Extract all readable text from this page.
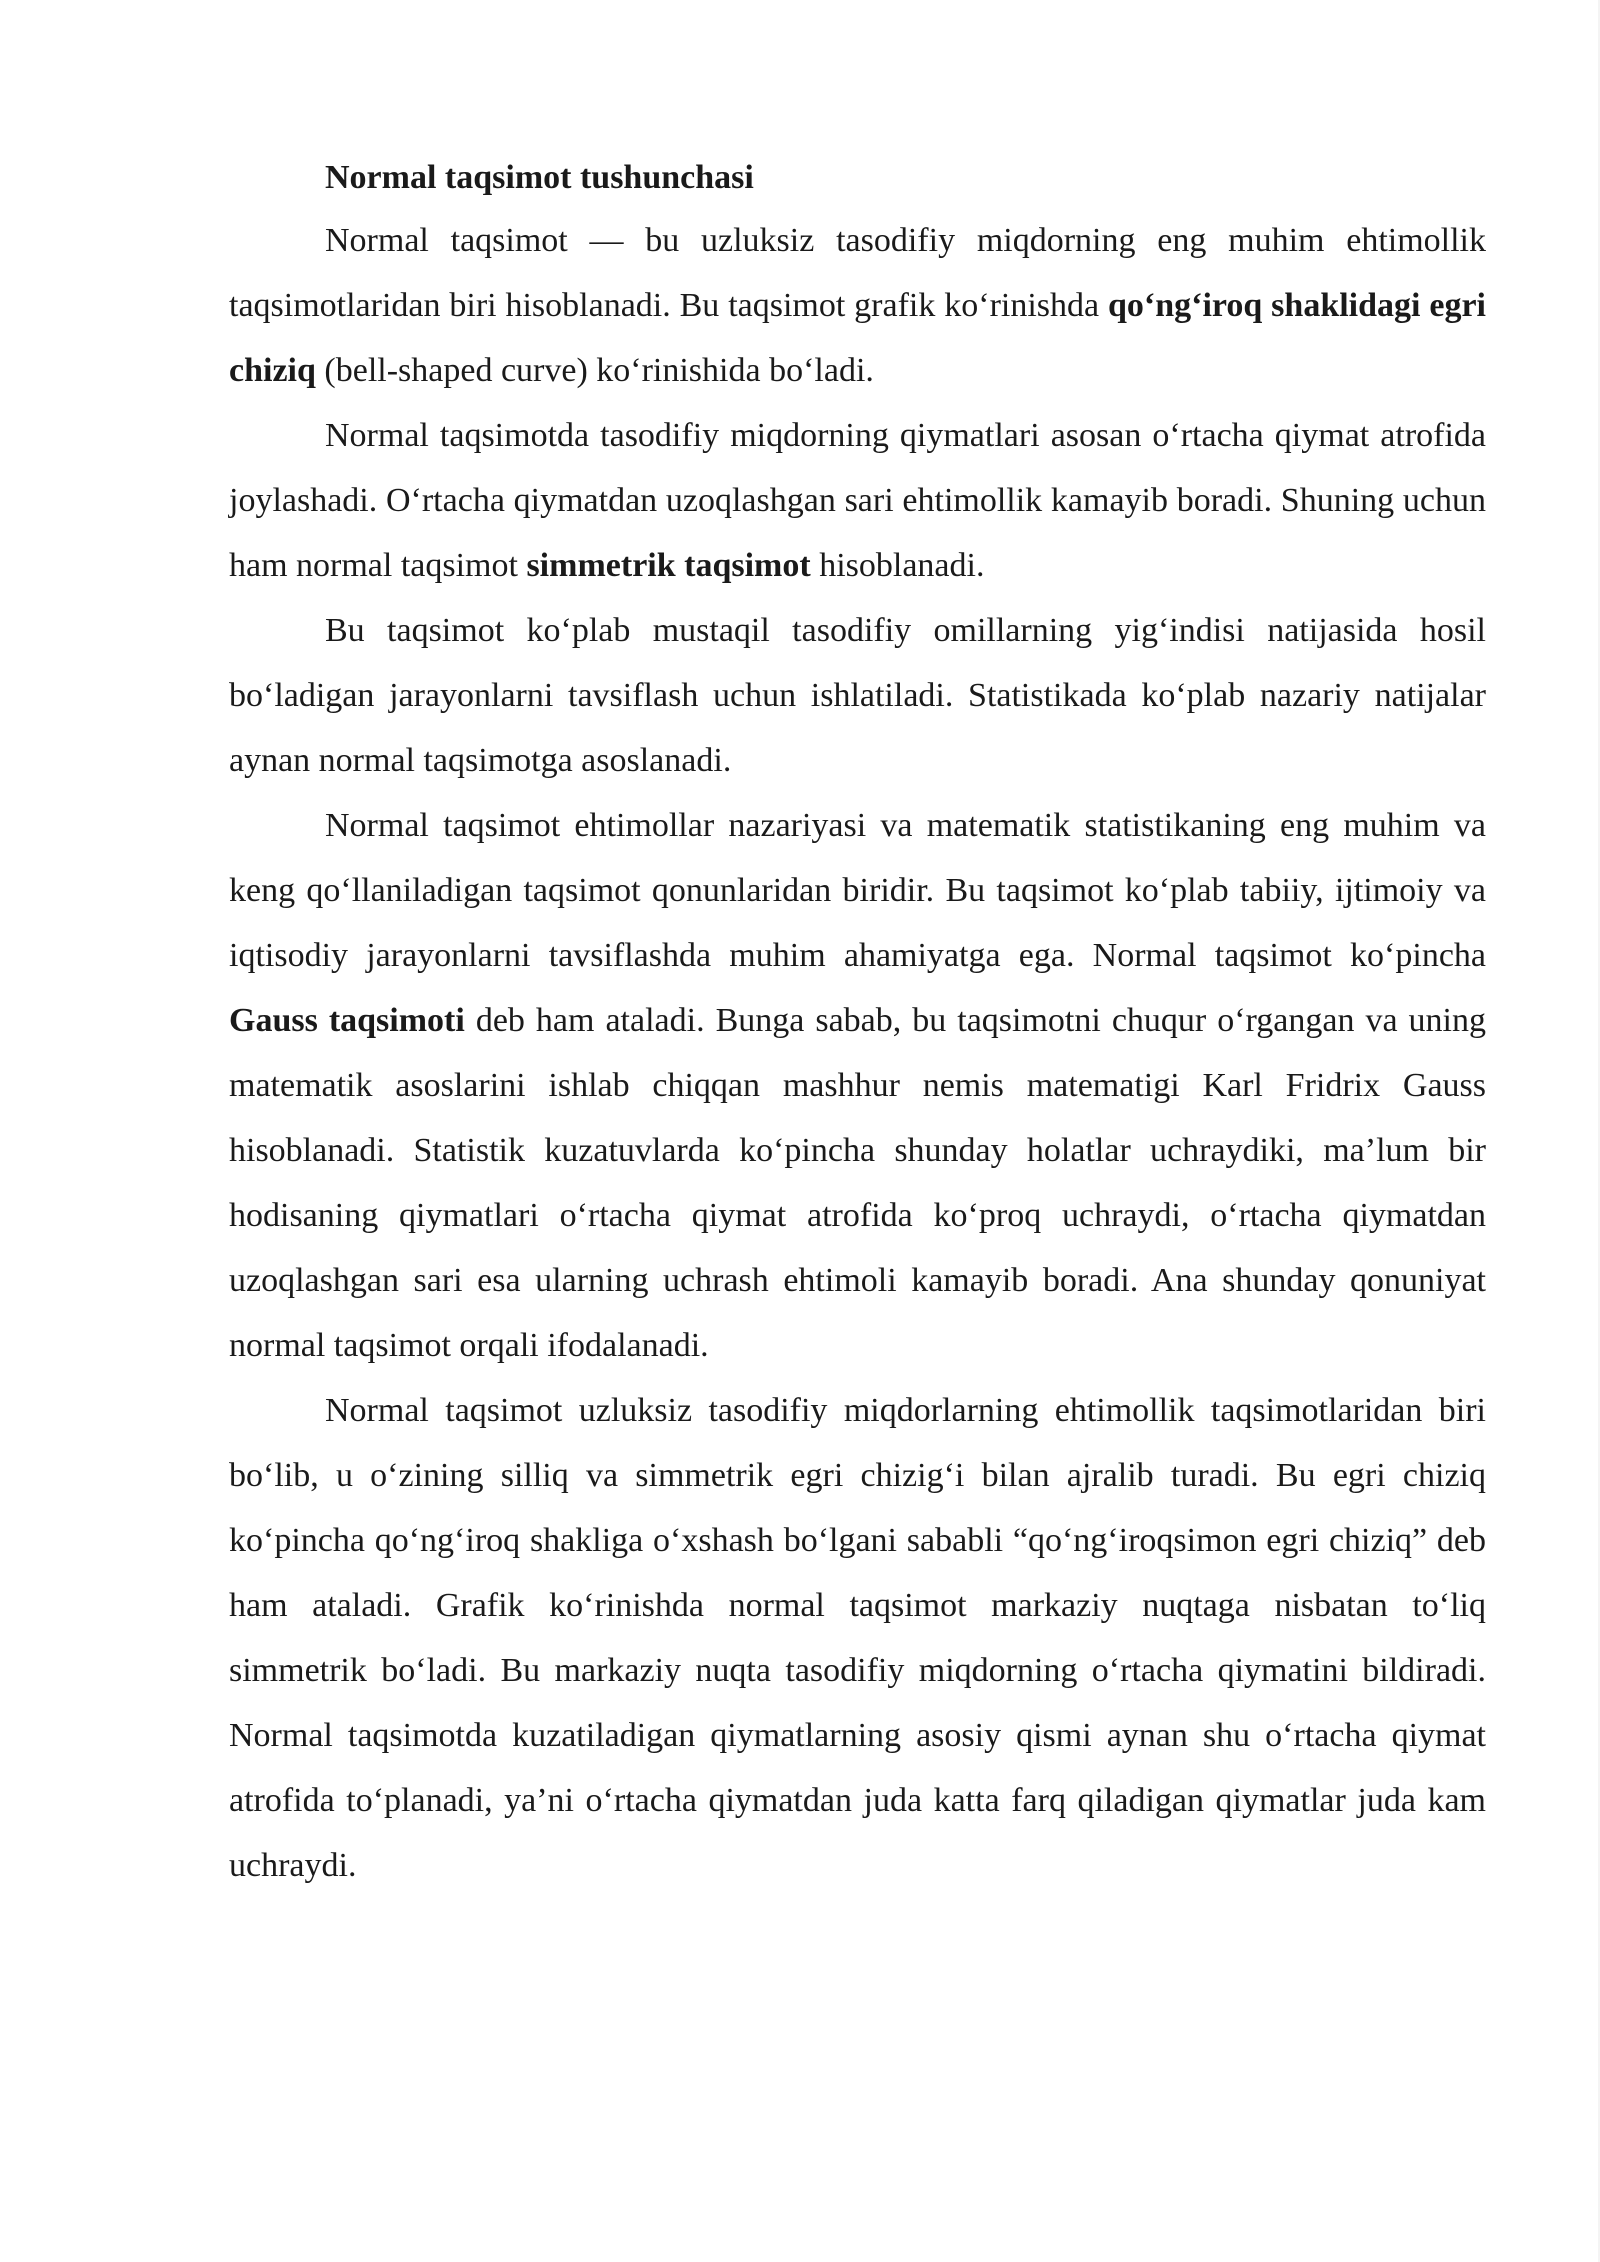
Normal taqsimot tushunchasi

Normal taqsimot — bu uzluksiz tasodifiy miqdorning eng muhim ehtimollik taqsimotlaridan biri hisoblanadi. Bu taqsimot grafik ko‘rinishda qo‘ng‘iroq shaklidagi egri chiziq (bell-shaped curve) ko‘rinishida bo‘ladi.

Normal taqsimotda tasodifiy miqdorning qiymatlari asosan o‘rtacha qiymat atrofida joylashadi. O‘rtacha qiymatdan uzoqlashgan sari ehtimollik kamayib boradi. Shuning uchun ham normal taqsimot simmetrik taqsimot hisoblanadi.

Bu taqsimot ko‘plab mustaqil tasodifiy omillarning yig‘indisi natijasida hosil bo‘ladigan jarayonlarni tavsiflash uchun ishlatiladi. Statistikada ko‘plab nazariy natijalar aynan normal taqsimotga asoslanadi.

Normal taqsimot ehtimollar nazariyasi va matematik statistikaning eng muhim va keng qo‘llaniladigan taqsimot qonunlaridan biridir. Bu taqsimot ko‘plab tabiiy, ijtimoiy va iqtisodiy jarayonlarni tavsiflashda muhim ahamiyatga ega. Normal taqsimot ko‘pincha Gauss taqsimoti deb ham ataladi. Bunga sabab, bu taqsimotni chuqur o‘rgangan va uning matematik asoslarini ishlab chiqqan mashhur nemis matematigi Karl Fridrix Gauss hisoblanadi. Statistik kuzatuvlarda ko‘pincha shunday holatlar uchraydiki, ma’lum bir hodisaning qiymatlari o‘rtacha qiymat atrofida ko‘proq uchraydi, o‘rtacha qiymatdan uzoqlashgan sari esa ularning uchrash ehtimoli kamayib boradi. Ana shunday qonuniyat normal taqsimot orqali ifodalanadi.

Normal taqsimot uzluksiz tasodifiy miqdorlarning ehtimollik taqsimotlaridan biri bo‘lib, u o‘zining silliq va simmetrik egri chizig‘i bilan ajralib turadi. Bu egri chiziq ko‘pincha qo‘ng‘iroq shakliga o‘xshash bo‘lgani sababli “qo‘ng‘iroqsimon egri chiziq” deb ham ataladi. Grafik ko‘rinishda normal taqsimot markaziy nuqtaga nisbatan to‘liq simmetrik bo‘ladi. Bu markaziy nuqta tasodifiy miqdorning o‘rtacha qiymatini bildiradi. Normal taqsimotda kuzatiladigan qiymatlarning asosiy qismi aynan shu o‘rtacha qiymat atrofida to‘planadi, ya’ni o‘rtacha qiymatdan juda katta farq qiladigan qiymatlar juda kam uchraydi.
